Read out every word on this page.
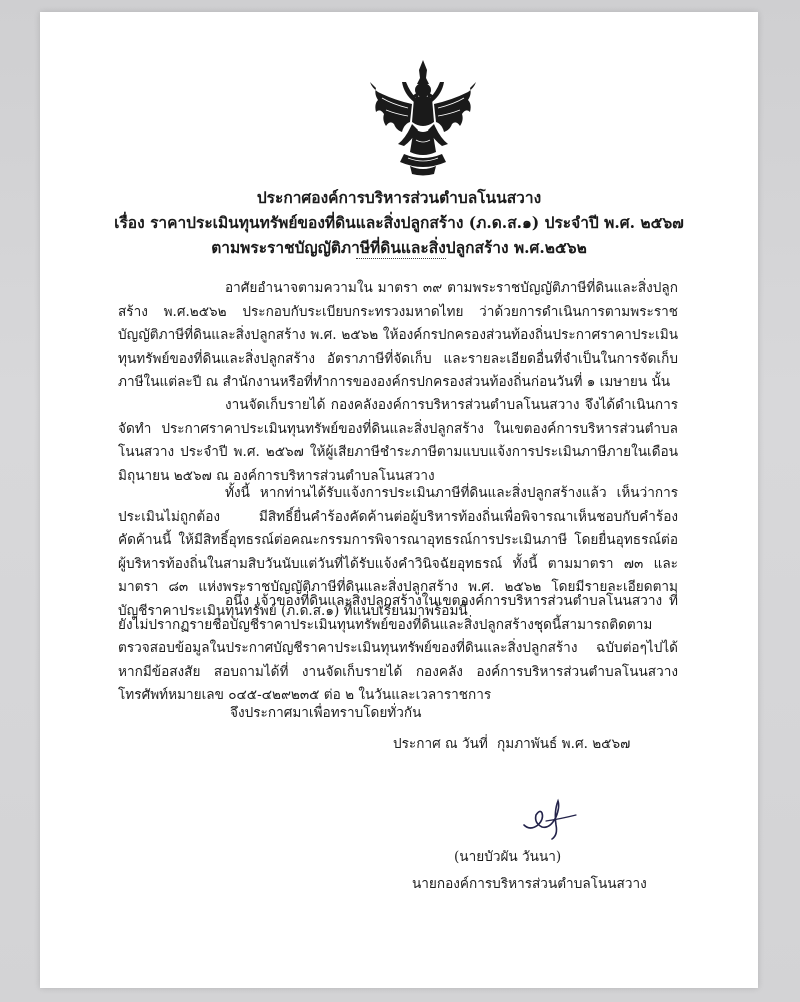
ประกาศองค์การบริหารส่วนตำบลโนนสวาง
เรื่อง ราคาประเมินทุนทรัพย์ของที่ดินและสิ่งปลูกสร้าง (ภ.ด.ส.๑) ประจำปี พ.ศ. ๒๕๖๗
ตามพระราชบัญญัติภาษีที่ดินและสิ่งปลูกสร้าง พ.ศ.๒๕๖๒

อาศัยอำนาจตามความใน มาตรา ๓๙ ตามพระราชบัญญัติภาษีที่ดินและสิ่งปลูกสร้าง พ.ศ.๒๕๖๒ ประกอบกับระเบียบกระทรวงมหาดไทย ว่าด้วยการดำเนินการตามพระราชบัญญัติภาษีที่ดินและสิ่งปลูกสร้าง พ.ศ. ๒๕๖๒ ให้องค์กรปกครองส่วนท้องถิ่นประกาศราคาประเมินทุนทรัพย์ของที่ดินและสิ่งปลูกสร้าง อัตราภาษีที่จัดเก็บ และรายละเอียดอื่นที่จำเป็นในการจัดเก็บภาษีในแต่ละปี ณ สำนักงานหรือที่ทำการขององค์กรปกครองส่วนท้องถิ่นก่อนวันที่ ๑ เมษายน นั้น

งานจัดเก็บรายได้ กองคลังองค์การบริหารส่วนตำบลโนนสวาง จึงได้ดำเนินการจัดทำ ประกาศราคาประเมินทุนทรัพย์ของที่ดินและสิ่งปลูกสร้าง ในเขตองค์การบริหารส่วนตำบลโนนสวาง ประจำปี พ.ศ. ๒๕๖๗ ให้ผู้เสียภาษีชำระภาษีตามแบบแจ้งการประเมินภาษีภายในเดือน มิถุนายน ๒๕๖๗ ณ องค์การบริหารส่วนตำบลโนนสวาง

ทั้งนี้ หากท่านได้รับแจ้งการประเมินภาษีที่ดินและสิ่งปลูกสร้างแล้ว เห็นว่าการประเมินไม่ถูกต้อง มีสิทธิ์ยื่นคำร้องคัดค้านต่อผู้บริหารท้องถิ่นเพื่อพิจารณาเห็นชอบกับคำร้องคัดค้านนี้ ให้มีสิทธิ์อุทธรณ์ต่อคณะกรรมการพิจารณาอุทธรณ์การประเมินภาษี โดยยื่นอุทธรณ์ต่อผู้บริหารท้องถิ่นในสามสิบวันนับแต่วันที่ได้รับแจ้งคำวินิจฉัยอุทธรณ์ ทั้งนี้ ตามมาตรา ๗๓ และมาตรา ๘๓ แห่งพระราชบัญญัติภาษีที่ดินและสิ่งปลูกสร้าง พ.ศ. ๒๕๖๒ โดยมีรายละเอียดตามบัญชีราคาประเมินทุนทรัพย์ (ภ.ด.ส.๑) ที่แนบเรียนมาพร้อมนี้

อนึ่ง เจ้าของที่ดินและสิ่งปลูกสร้างในเขตองค์การบริหารส่วนตำบลโนนสวาง ที่ยังไม่ปรากฏรายชื่อบัญชีราคาประเมินทุนทรัพย์ของที่ดินและสิ่งปลูกสร้างชุดนี้สามารถติดตามตรวจสอบข้อมูลในประกาศบัญชีราคาประเมินทุนทรัพย์ของที่ดินและสิ่งปลูกสร้าง ฉบับต่อๆไปได้ หากมีข้อสงสัย สอบถามได้ที่ งานจัดเก็บรายได้ กองคลัง องค์การบริหารส่วนตำบลโนนสวาง โทรศัพท์หมายเลข ๐๔๕-๔๒๙๒๓๕ ต่อ ๒ ในวันและเวลาราชการ

จึงประกาศมาเพื่อทราบโดยทั่วกัน
ประกาศ ณ วันที่ กุมภาพันธ์ พ.ศ. ๒๕๖๗
(นายบัวผัน วันนา)
นายกองค์การบริหารส่วนตำบลโนนสวาง
